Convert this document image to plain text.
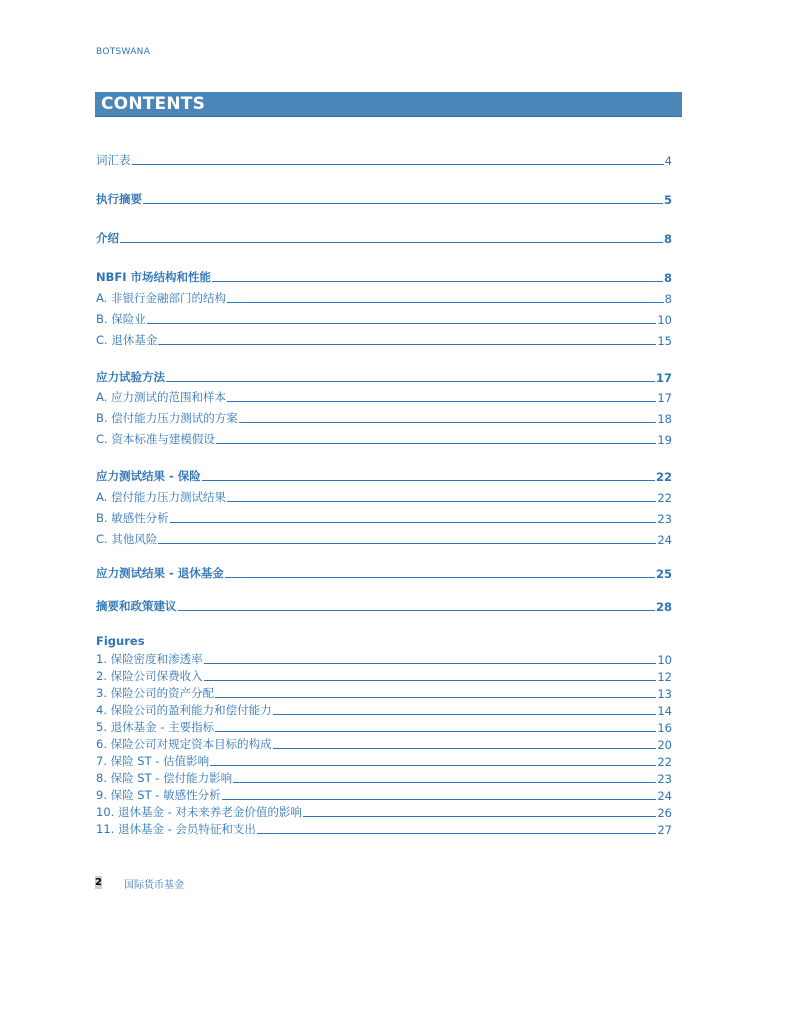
BOTSWANA
CONTENTS
词汇表	4
执行摘要	5
介绍	8
NBFI 市场结构和性能	8
A. 非银行金融部门的结构	8
B. 保险业	10
C. 退休基金	15
应力试验方法	17
A. 应力测试的范围和样本	17
B. 偿付能力压力测试的方案	18
C. 资本标准与建模假设	19
应力测试结果 - 保险	22
A. 偿付能力压力测试结果	22
B. 敏感性分析	23
C. 其他风险	24
应力测试结果 - 退休基金	25
摘要和政策建议	28
Figures
1. 保险密度和渗透率	10
2. 保险公司保费收入	12
3. 保险公司的资产分配	13
4. 保险公司的盈利能力和偿付能力	14
5. 退休基金 - 主要指标	16
6. 保险公司对规定资本目标的构成	20
7. 保险 ST - 估值影响	22
8. 保险 ST - 偿付能力影响	23
9. 保险 ST - 敏感性分析	24
10. 退休基金 - 对未来养老金价值的影响	26
11. 退休基金 - 会员特征和支出	27
2 国际货币基金
